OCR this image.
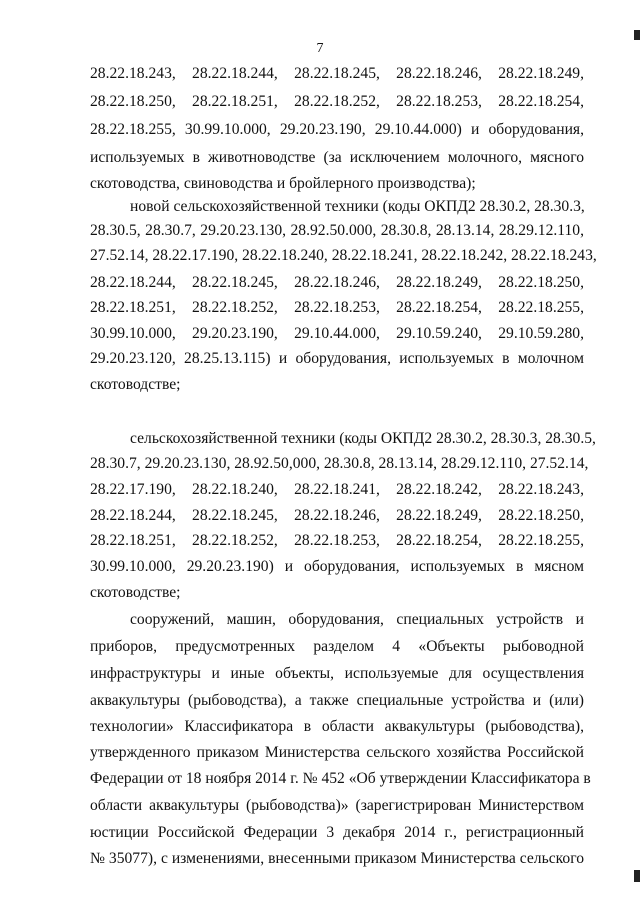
7
28.22.18.243, 28.22.18.244, 28.22.18.245, 28.22.18.246, 28.22.18.249,
28.22.18.250, 28.22.18.251, 28.22.18.252, 28.22.18.253, 28.22.18.254,
28.22.18.255, 30.99.10.000, 29.20.23.190, 29.10.44.000) и оборудования,
используемых в животноводстве (за исключением молочного, мясного
скотоводства, свиноводства и бройлерного производства);
новой сельскохозяйственной техники (коды ОКПД2 28.30.2, 28.30.3,
28.30.5, 28.30.7, 29.20.23.130, 28.92.50.000, 28.30.8, 28.13.14, 28.29.12.110,
27.52.14, 28.22.17.190, 28.22.18.240, 28.22.18.241, 28.22.18.242, 28.22.18.243,
28.22.18.244, 28.22.18.245, 28.22.18.246, 28.22.18.249, 28.22.18.250,
28.22.18.251, 28.22.18.252, 28.22.18.253, 28.22.18.254, 28.22.18.255,
30.99.10.000, 29.20.23.190, 29.10.44.000, 29.10.59.240, 29.10.59.280,
29.20.23.120, 28.25.13.115) и оборудования, используемых в молочном
скотоводстве;
сельскохозяйственной техники (коды ОКПД2 28.30.2, 28.30.3, 28.30.5,
28.30.7, 29.20.23.130, 28.92.50,000, 28.30.8, 28.13.14, 28.29.12.110, 27.52.14,
28.22.17.190, 28.22.18.240, 28.22.18.241, 28.22.18.242, 28.22.18.243,
28.22.18.244, 28.22.18.245, 28.22.18.246, 28.22.18.249, 28.22.18.250,
28.22.18.251, 28.22.18.252, 28.22.18.253, 28.22.18.254, 28.22.18.255,
30.99.10.000, 29.20.23.190) и оборудования, используемых в мясном
скотоводстве;
сооружений, машин, оборудования, специальных устройств и
приборов, предусмотренных разделом 4 «Объекты рыбоводной
инфраструктуры и иные объекты, используемые для осуществления
аквакультуры (рыбоводства), а также специальные устройства и (или)
технологии» Классификатора в области аквакультуры (рыбоводства),
утвержденного приказом Министерства сельского хозяйства Российской
Федерации от 18 ноября 2014 г. № 452 «Об утверждении Классификатора в
области аквакультуры (рыбоводства)» (зарегистрирован Министерством
юстиции Российской Федерации 3 декабря 2014 г., регистрационный
№ 35077), с изменениями, внесенными приказом Министерства сельского
